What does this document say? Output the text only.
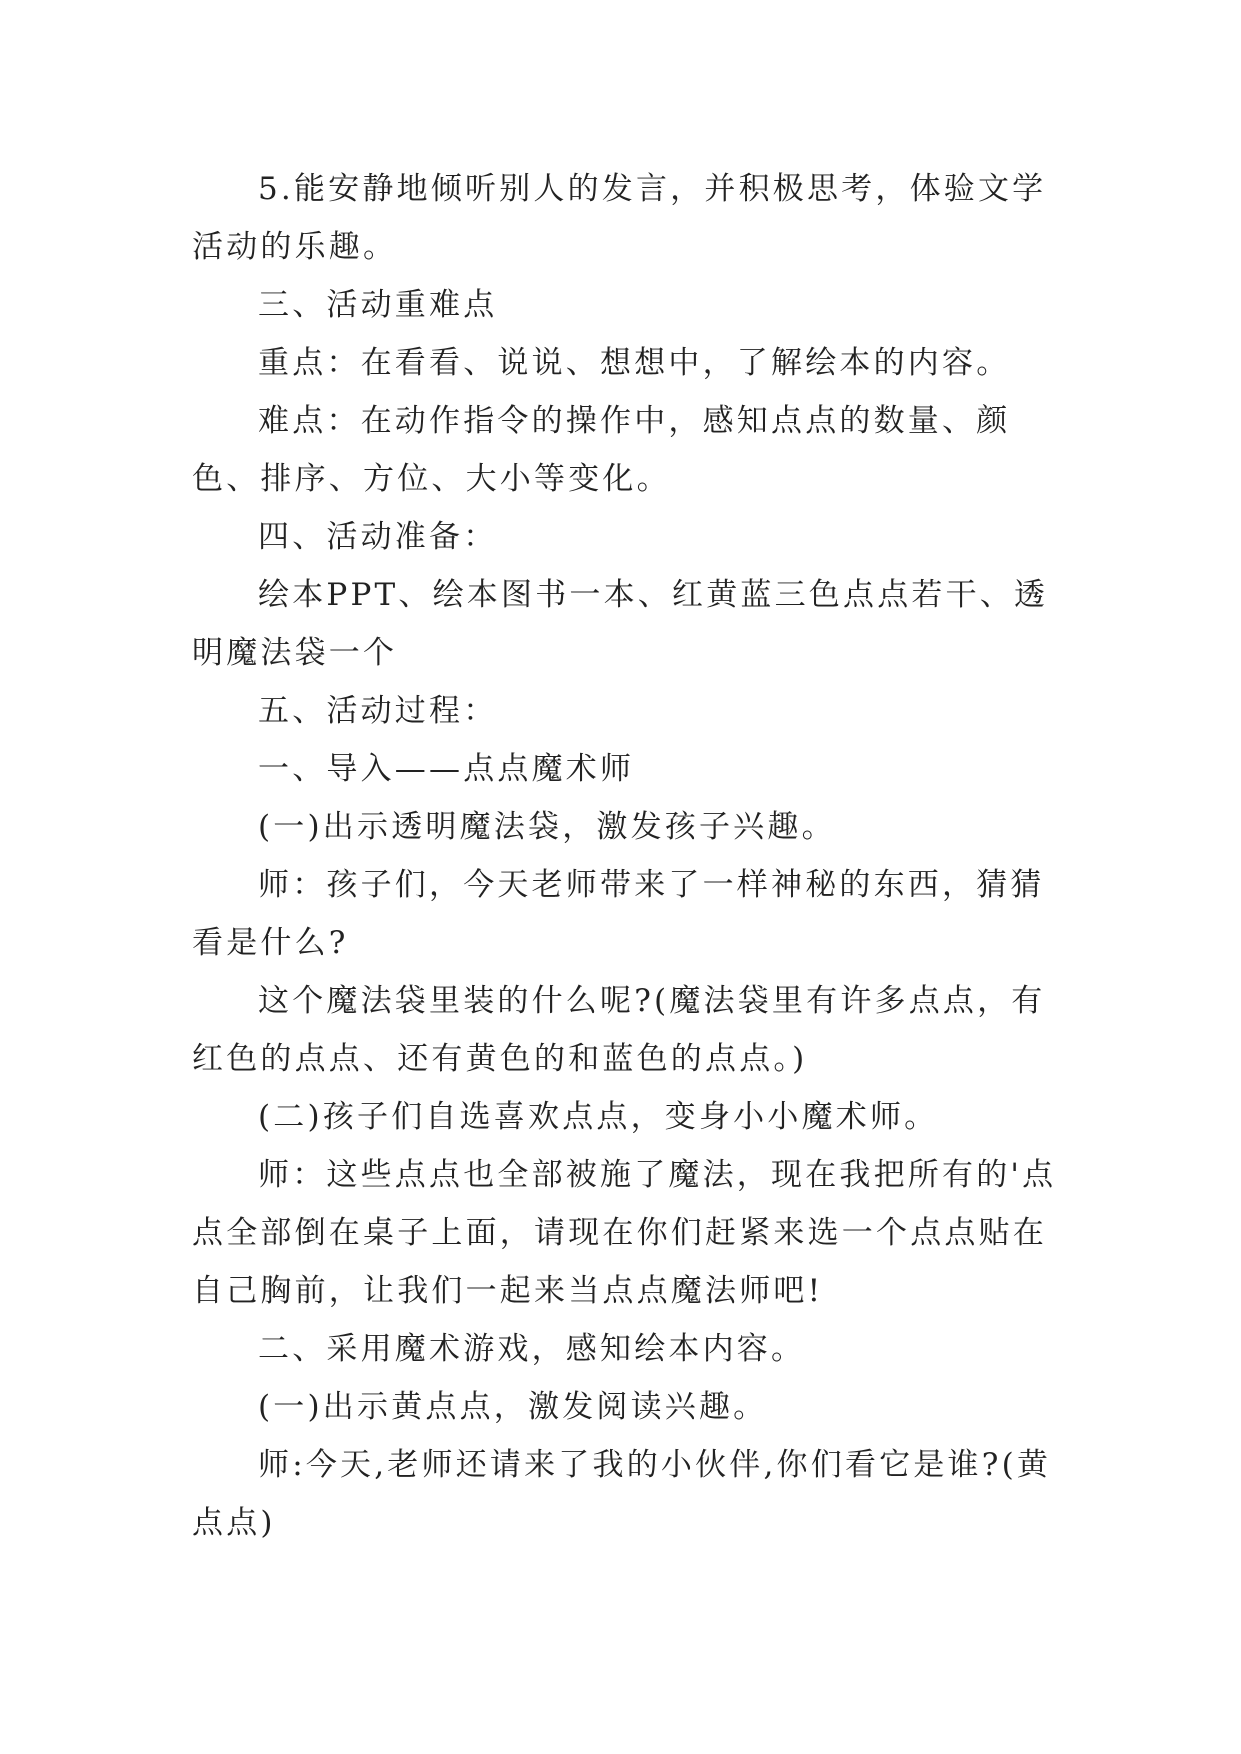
5.能安静地倾听别人的发言，并积极思考，体验文学活动的乐趣。

三、活动重难点

重点：在看看、说说、想想中，了解绘本的内容。

难点：在动作指令的操作中，感知点点的数量、颜色、排序、方位、大小等变化。

四、活动准备：

绘本PPT、绘本图书一本、红黄蓝三色点点若干、透明魔法袋一个

五、活动过程：

一、导入——点点魔术师

(一)出示透明魔法袋，激发孩子兴趣。

师：孩子们，今天老师带来了一样神秘的东西，猜猜看是什么?

这个魔法袋里装的什么呢?(魔法袋里有许多点点，有红色的点点、还有黄色的和蓝色的点点。)

(二)孩子们自选喜欢点点，变身小小魔术师。

师：这些点点也全部被施了魔法，现在我把所有的'点点全部倒在桌子上面，请现在你们赶紧来选一个点点贴在自己胸前，让我们一起来当点点魔法师吧!

二、采用魔术游戏，感知绘本内容。

(一)出示黄点点，激发阅读兴趣。

师:今天,老师还请来了我的小伙伴,你们看它是谁?(黄点点)
